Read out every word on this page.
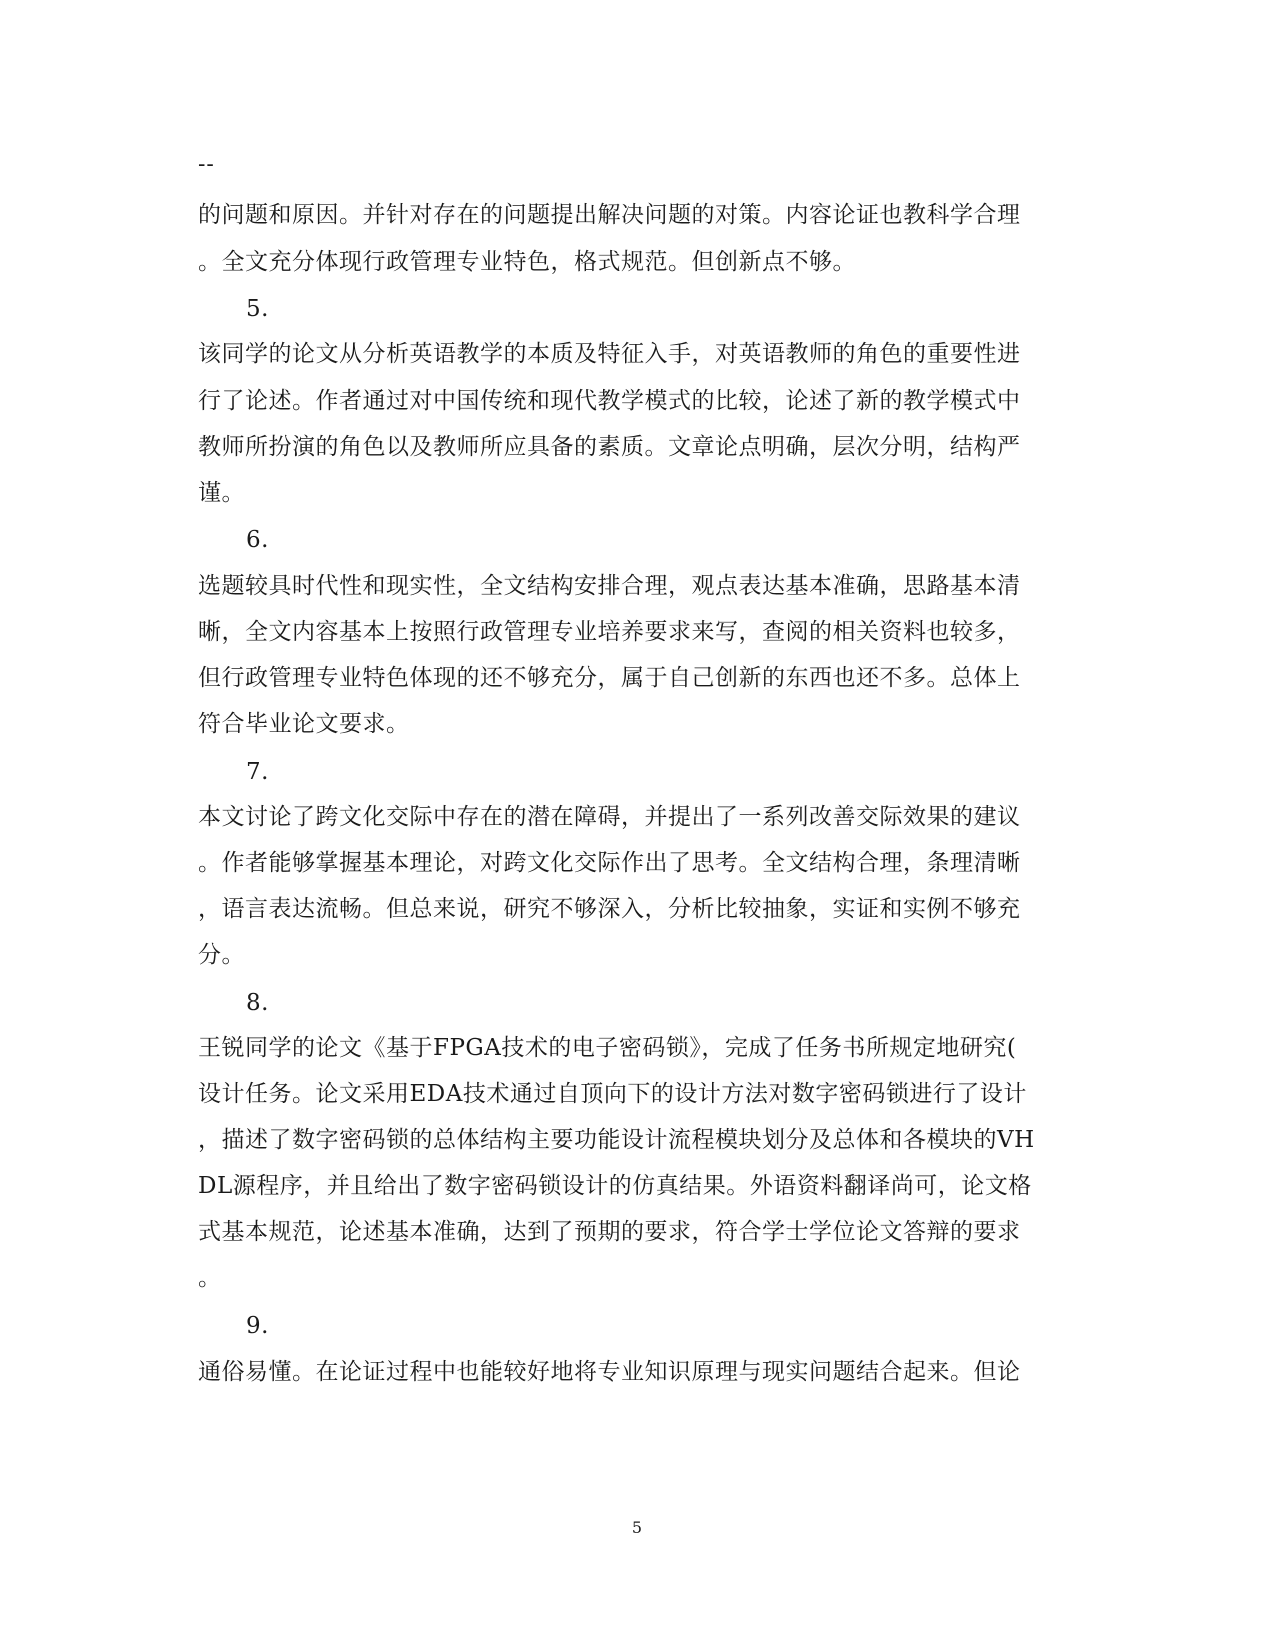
--
的问题和原因。并针对存在的问题提出解决问题的对策。内容论证也教科学合理
。全文充分体现行政管理专业特色，格式规范。但创新点不够。
5.
该同学的论文从分析英语教学的本质及特征入手，对英语教师的角色的重要性进
行了论述。作者通过对中国传统和现代教学模式的比较，论述了新的教学模式中
教师所扮演的角色以及教师所应具备的素质。文章论点明确，层次分明，结构严
谨。
6.
选题较具时代性和现实性，全文结构安排合理，观点表达基本准确，思路基本清
晰，全文内容基本上按照行政管理专业培养要求来写，查阅的相关资料也较多，
但行政管理专业特色体现的还不够充分，属于自己创新的东西也还不多。总体上
符合毕业论文要求。
7.
本文讨论了跨文化交际中存在的潜在障碍，并提出了一系列改善交际效果的建议
。作者能够掌握基本理论，对跨文化交际作出了思考。全文结构合理，条理清晰
，语言表达流畅。但总来说，研究不够深入，分析比较抽象，实证和实例不够充
分。
8.
王锐同学的论文《基于FPGA技术的电子密码锁》，完成了任务书所规定地研究(
设计任务。论文采用EDA技术通过自顶向下的设计方法对数字密码锁进行了设计
，描述了数字密码锁的总体结构主要功能设计流程模块划分及总体和各模块的VH
DL源程序，并且给出了数字密码锁设计的仿真结果。外语资料翻译尚可，论文格
式基本规范，论述基本准确，达到了预期的要求，符合学士学位论文答辩的要求
。
9.
通俗易懂。在论证过程中也能较好地将专业知识原理与现实问题结合起来。但论
5
